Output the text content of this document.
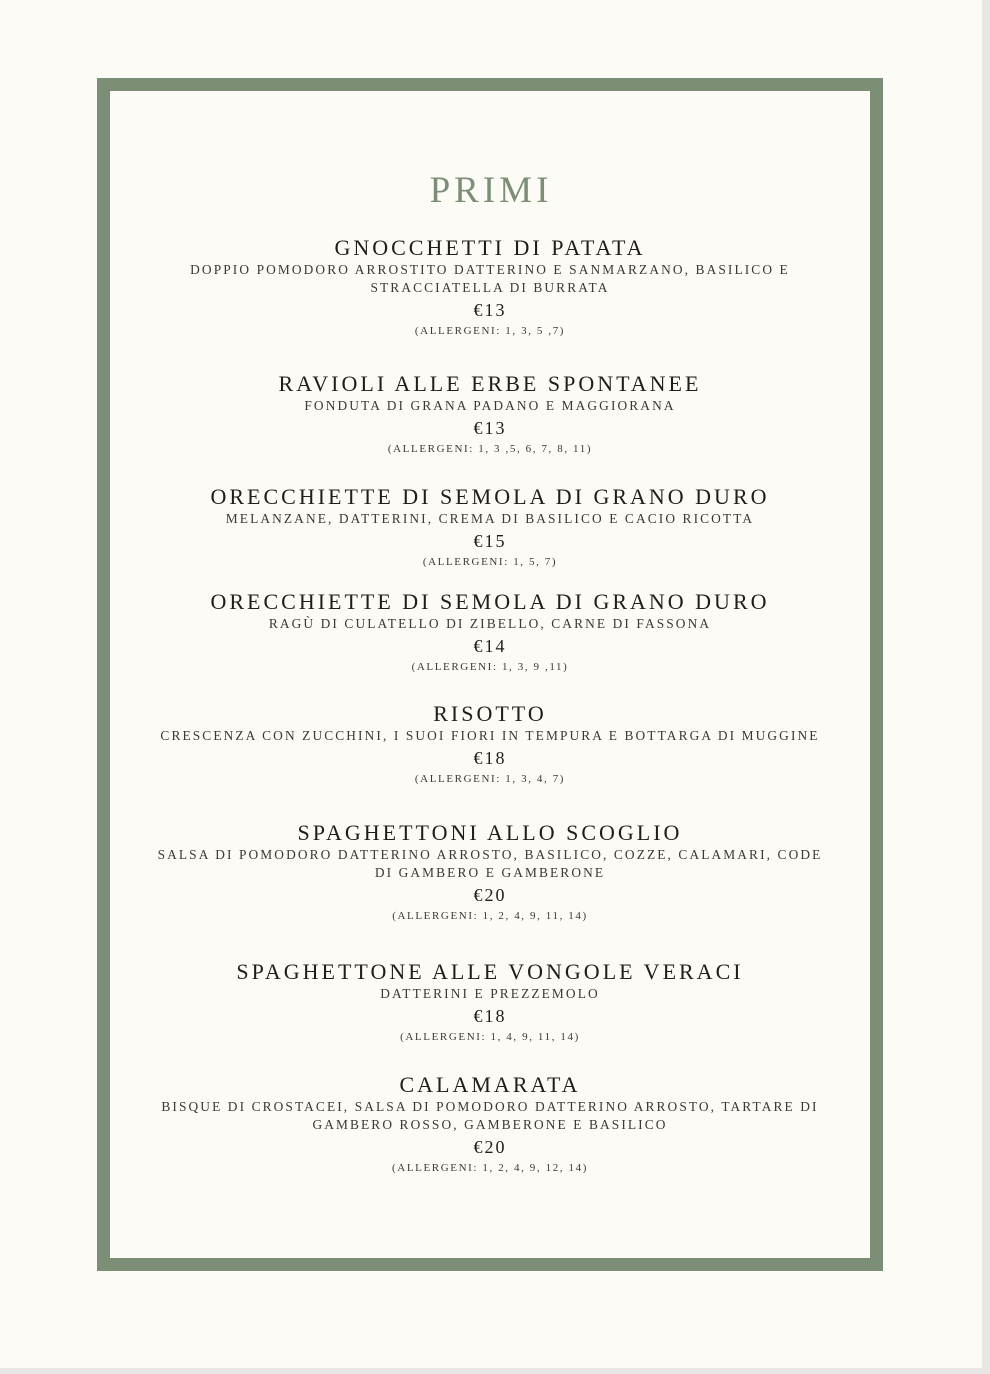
PRIMI
GNOCCHETTI DI PATATA
DOPPIO POMODORO ARROSTITO DATTERINO E SANMARZANO, BASILICO E
STRACCIATELLA DI BURRATA
€13
(ALLERGENI: 1, 3, 5 ,7)
RAVIOLI ALLE ERBE SPONTANEE
FONDUTA DI GRANA PADANO E MAGGIORANA
€13
(ALLERGENI: 1, 3 ,5, 6, 7, 8, 11)
ORECCHIETTE DI SEMOLA DI GRANO DURO
MELANZANE, DATTERINI, CREMA DI BASILICO E CACIO RICOTTA
€15
(ALLERGENI: 1, 5, 7)
ORECCHIETTE DI SEMOLA DI GRANO DURO
RAGÙ DI CULATELLO DI ZIBELLO, CARNE DI FASSONA
€14
(ALLERGENI: 1, 3, 9 ,11)
RISOTTO
CRESCENZA CON ZUCCHINI, I SUOI FIORI IN TEMPURA E BOTTARGA DI MUGGINE
€18
(ALLERGENI: 1, 3, 4, 7)
SPAGHETTONI ALLO SCOGLIO
SALSA DI POMODORO DATTERINO ARROSTO, BASILICO, COZZE, CALAMARI, CODE
DI GAMBERO E GAMBERONE
€20
(ALLERGENI: 1, 2, 4, 9, 11, 14)
SPAGHETTONE ALLE VONGOLE VERACI
DATTERINI E PREZZEMOLO
€18
(ALLERGENI: 1, 4, 9, 11, 14)
CALAMARATA
BISQUE DI CROSTACEI, SALSA DI POMODORO DATTERINO ARROSTO, TARTARE DI
GAMBERO ROSSO, GAMBERONE E BASILICO
€20
(ALLERGENI: 1, 2, 4, 9, 12, 14)
